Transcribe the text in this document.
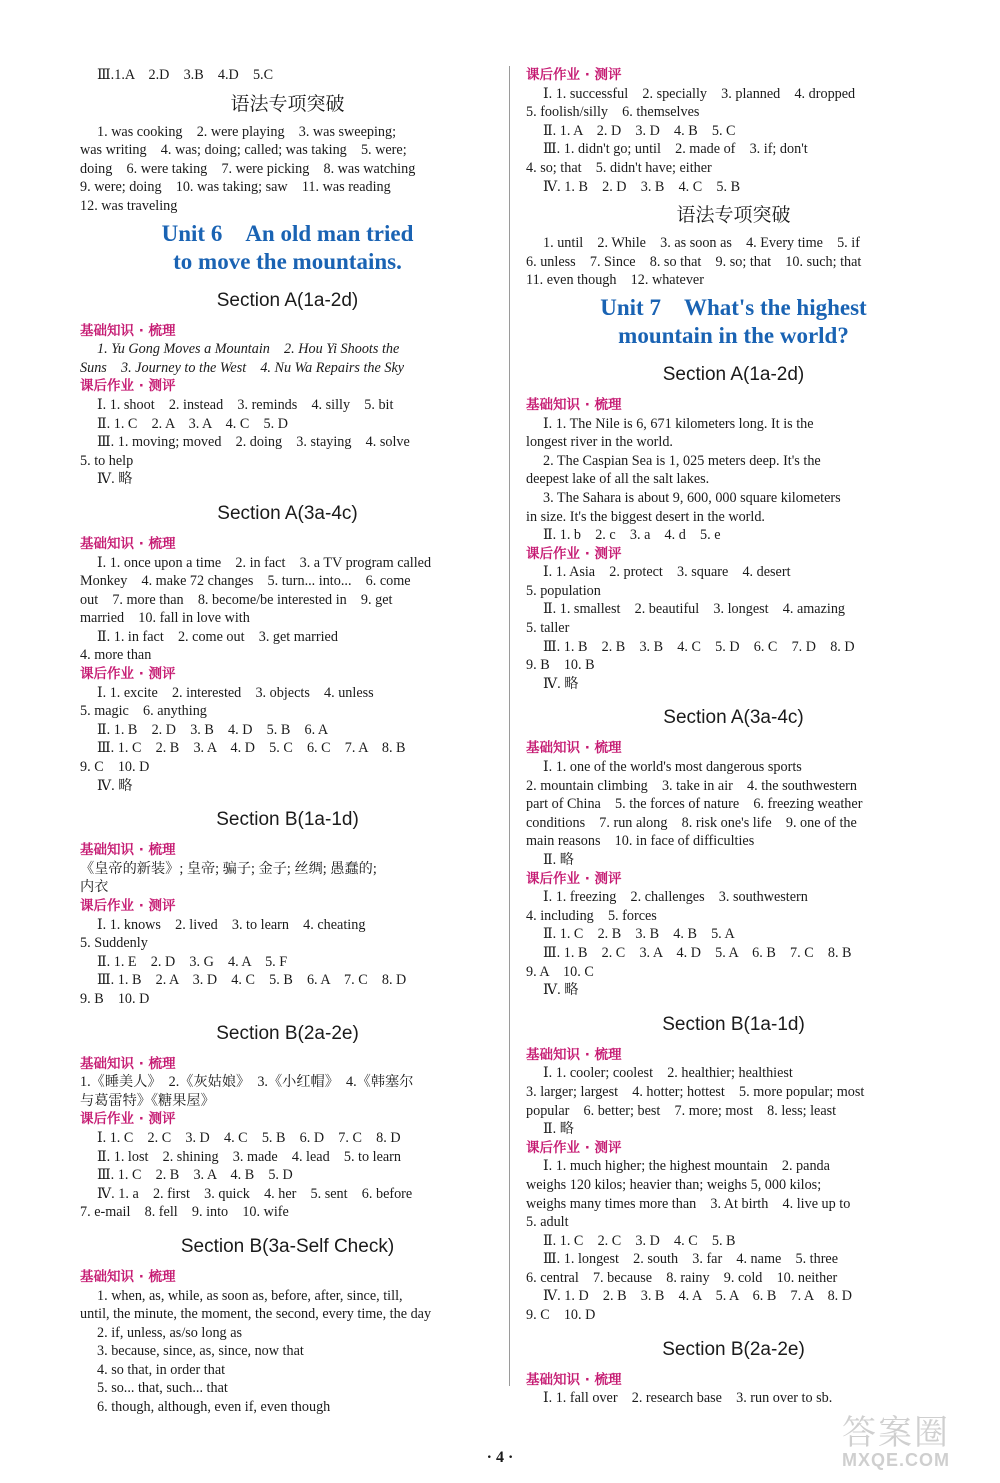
Ⅲ.1.A　2.D　3.B　4.D　5.C
语法专项突破
1. was cooking　2. were playing　3. was sweeping;
was writing　4. was; doing; called; was taking　5. were;
doing　6. were taking　7. were picking　8. was watching
9. were; doing　10. was taking; saw　11. was reading
12. was traveling
Unit 6　An old man tried
to move the mountains.
Section A(1a-2d)
基础知识 · 梳理
1. Yu Gong Moves a Mountain　2. Hou Yi Shoots the
Suns　3. Journey to the West　4. Nu Wa Repairs the Sky
课后作业 · 测评
Ⅰ. 1. shoot　2. instead　3. reminds　4. silly　5. bit
Ⅱ. 1. C　2. A　3. A　4. C　5. D
Ⅲ. 1. moving; moved　2. doing　3. staying　4. solve
5. to help
Ⅳ. 略
Section A(3a-4c)
基础知识 · 梳理
Ⅰ. 1. once upon a time　2. in fact　3. a TV program called
Monkey　4. make 72 changes　5. turn... into...　6. come
out　7. more than　8. become/be interested in　9. get
married　10. fall in love with
Ⅱ. 1. in fact　2. come out　3. get married
4. more than
课后作业 · 测评
Ⅰ. 1. excite　2. interested　3. objects　4. unless
5. magic　6. anything
Ⅱ. 1. B　2. D　3. B　4. D　5. B　6. A
Ⅲ. 1. C　2. B　3. A　4. D　5. C　6. C　7. A　8. B
9. C　10. D
Ⅳ. 略
Section B(1a-1d)
基础知识 · 梳理
《皇帝的新装》; 皇帝; 骗子; 金子; 丝绸; 愚蠢的;
内衣
课后作业 · 测评
Ⅰ. 1. knows　2. lived　3. to learn　4. cheating
5. Suddenly
Ⅱ. 1. E　2. D　3. G　4. A　5. F
Ⅲ. 1. B　2. A　3. D　4. C　5. B　6. A　7. C　8. D
9. B　10. D
Section B(2a-2e)
基础知识 · 梳理
1.《睡美人》　2.《灰姑娘》　3.《小红帽》　4.《韩塞尔
与葛雷特》《糖果屋》
课后作业 · 测评
Ⅰ. 1. C　2. C　3. D　4. C　5. B　6. D　7. C　8. D
Ⅱ. 1. lost　2. shining　3. made　4. lead　5. to learn
Ⅲ. 1. C　2. B　3. A　4. B　5. D
Ⅳ. 1. a　2. first　3. quick　4. her　5. sent　6. before
7. e-mail　8. fell　9. into　10. wife
Section B(3a-Self Check)
基础知识 · 梳理
1. when, as, while, as soon as, before, after, since, till,
until, the minute, the moment, the second, every time, the day
2. if, unless, as/so long as
3. because, since, as, since, now that
4. so that, in order that
5. so... that, such... that
6. though, although, even if, even though
课后作业 · 测评
Ⅰ. 1. successful　2. specially　3. planned　4. dropped
5. foolish/silly　6. themselves
Ⅱ. 1. A　2. D　3. D　4. B　5. C
Ⅲ. 1. didn't go; until　2. made of　3. if; don't
4. so; that　5. didn't have; either
Ⅳ. 1. B　2. D　3. B　4. C　5. B
语法专项突破
1. until　2. While　3. as soon as　4. Every time　5. if
6. unless　7. Since　8. so that　9. so; that　10. such; that
11. even though　12. whatever
Unit 7　What's the highest
mountain in the world?
Section A(1a-2d)
基础知识 · 梳理
Ⅰ. 1. The Nile is 6, 671 kilometers long. It is the
longest river in the world.
2. The Caspian Sea is 1, 025 meters deep. It's the
deepest lake of all the salt lakes.
3. The Sahara is about 9, 600, 000 square kilometers
in size. It's the biggest desert in the world.
Ⅱ. 1. b　2. c　3. a　4. d　5. e
课后作业 · 测评
Ⅰ. 1. Asia　2. protect　3. square　4. desert
5. population
Ⅱ. 1. smallest　2. beautiful　3. longest　4. amazing
5. taller
Ⅲ. 1. B　2. B　3. B　4. C　5. D　6. C　7. D　8. D
9. B　10. B
Ⅳ. 略
Section A(3a-4c)
基础知识 · 梳理
Ⅰ. 1. one of the world's most dangerous sports
2. mountain climbing　3. take in air　4. the southwestern
part of China　5. the forces of nature　6. freezing weather
conditions　7. run along　8. risk one's life　9. one of the
main reasons　10. in face of difficulties
Ⅱ. 略
课后作业 · 测评
Ⅰ. 1. freezing　2. challenges　3. southwestern
4. including　5. forces
Ⅱ. 1. C　2. B　3. B　4. B　5. A
Ⅲ. 1. B　2. C　3. A　4. D　5. A　6. B　7. C　8. B
9. A　10. C
Ⅳ. 略
Section B(1a-1d)
基础知识 · 梳理
Ⅰ. 1. cooler; coolest　2. healthier; healthiest
3. larger; largest　4. hotter; hottest　5. more popular; most
popular　6. better; best　7. more; most　8. less; least
Ⅱ. 略
课后作业 · 测评
Ⅰ. 1. much higher; the highest mountain　2. panda
weighs 120 kilos; heavier than; weighs 5, 000 kilos;
weighs many times more than　3. At birth　4. live up to
5. adult
Ⅱ. 1. C　2. C　3. D　4. C　5. B
Ⅲ. 1. longest　2. south　3. far　4. name　5. three
6. central　7. because　8. rainy　9. cold　10. neither
Ⅳ. 1. D　2. B　3. B　4. A　5. A　6. B　7. A　8. D
9. C　10. D
Section B(2a-2e)
基础知识 · 梳理
Ⅰ. 1. fall over　2. research base　3. run over to sb.
· 4 ·
答案圈
MXQE.COM
